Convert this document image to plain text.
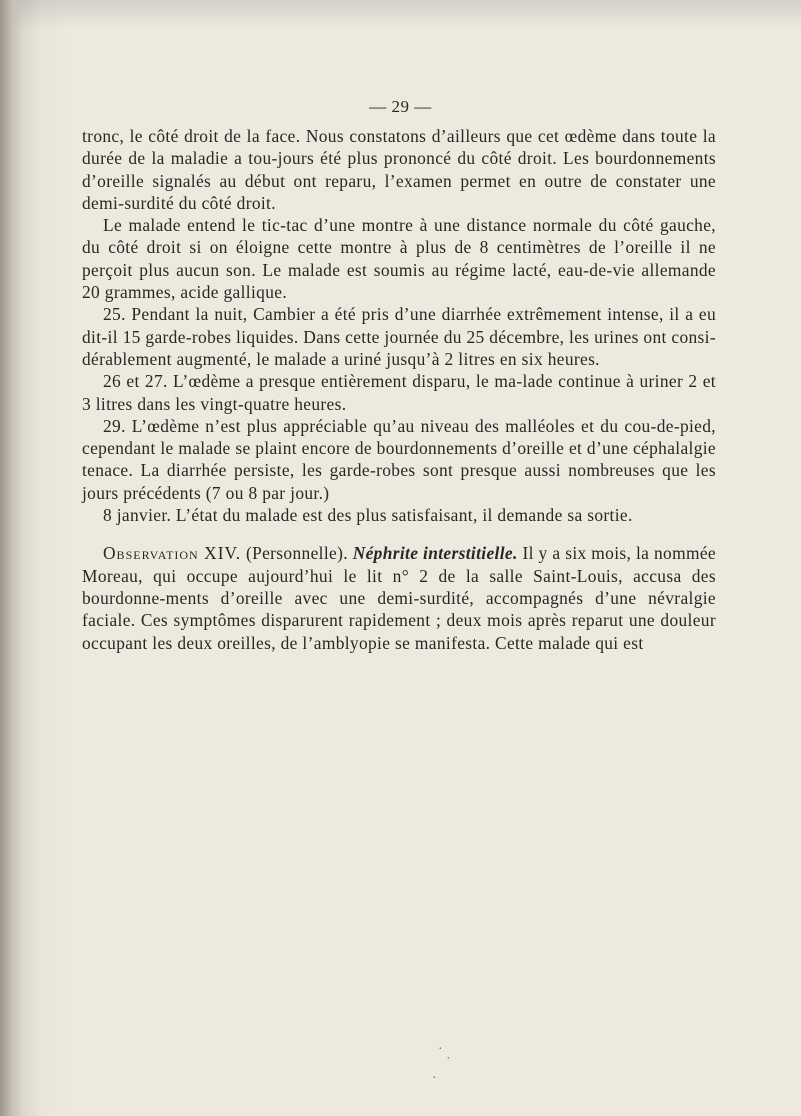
— 29 —

tronc, le côté droit de la face. Nous constatons d’ailleurs que cet œdème dans toute la durée de la maladie a tou-jours été plus prononcé du côté droit. Les bourdonnements d’oreille signalés au début ont reparu, l’examen permet en outre de constater une demi-surdité du côté droit.

Le malade entend le tic-tac d’une montre à une distance normale du côté gauche, du côté droit si on éloigne cette montre à plus de 8 centimètres de l’oreille il ne perçoit plus aucun son. Le malade est soumis au régime lacté, eau-de-vie allemande 20 grammes, acide gallique.

25. Pendant la nuit, Cambier a été pris d’une diarrhée extrêmement intense, il a eu dit-il 15 garde-robes liquides. Dans cette journée du 25 décembre, les urines ont consi-dérablement augmenté, le malade a uriné jusqu’à 2 litres en six heures.

26 et 27. L’œdème a presque entièrement disparu, le ma-lade continue à uriner 2 et 3 litres dans les vingt-quatre heures.

29. L’œdème n’est plus appréciable qu’au niveau des malléoles et du cou-de-pied, cependant le malade se plaint encore de bourdonnements d’oreille et d’une céphalalgie tenace. La diarrhée persiste, les garde-robes sont presque aussi nombreuses que les jours précédents (7 ou 8 par jour.)

8 janvier. L’état du malade est des plus satisfaisant, il demande sa sortie.

Observation XIV. (Personnelle). Néphrite interstitielle. Il y a six mois, la nommée Moreau, qui occupe aujourd’hui le lit n° 2 de la salle Saint-Louis, accusa des bourdonne-ments d’oreille avec une demi-surdité, accompagnés d’une névralgie faciale. Ces symptômes disparurent rapidement ; deux mois après reparut une douleur occupant les deux oreilles, de l’amblyopie se manifesta. Cette malade qui est

·
˙
·
